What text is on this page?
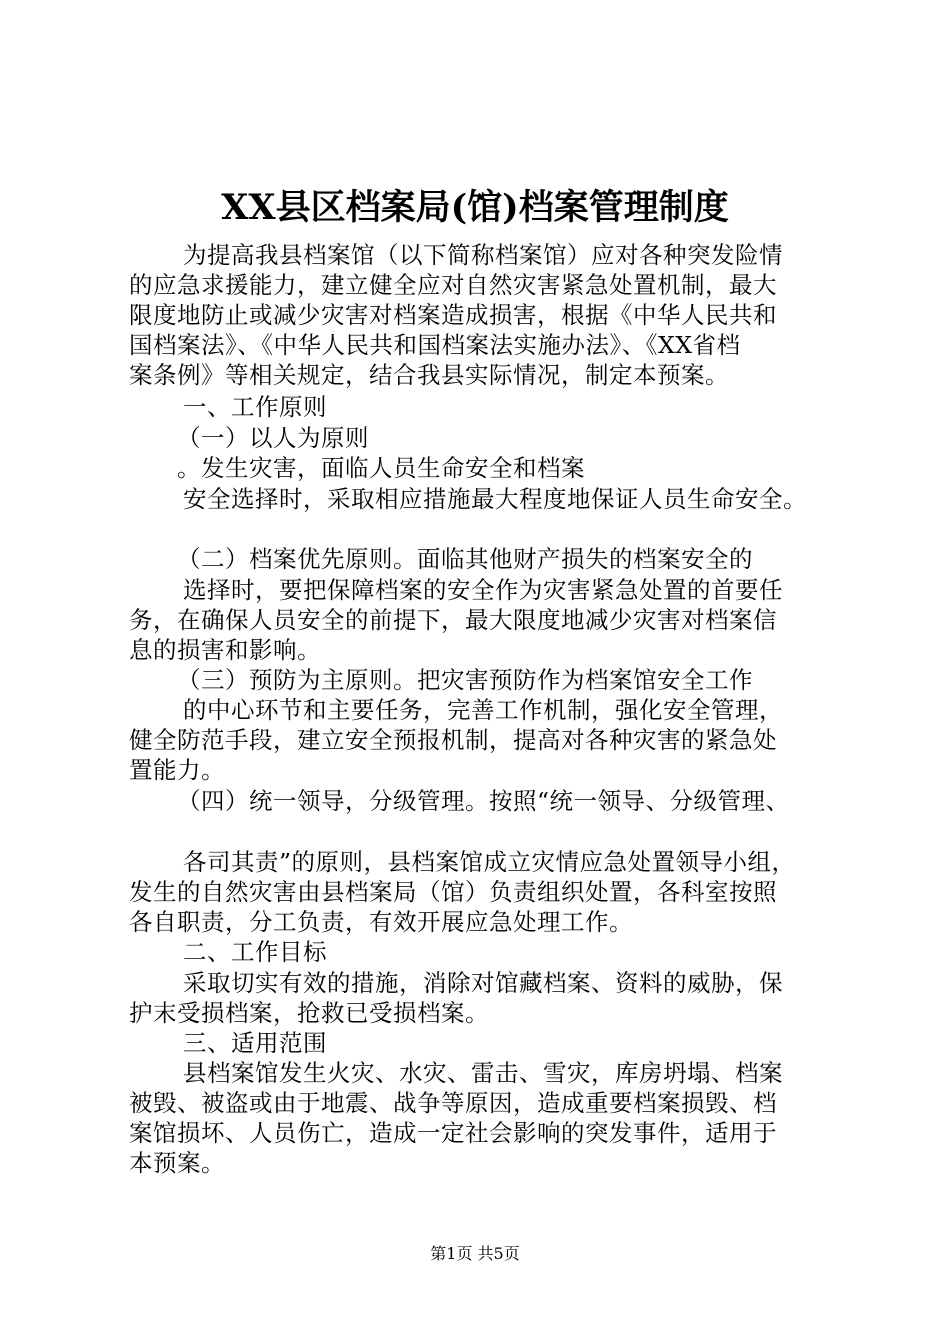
XX县区档案局(馆)档案管理制度
为提高我县档案馆（以下简称档案馆）应对各种突发险情
的应急求援能力，建立健全应对自然灾害紧急处置机制，最大
限度地防止或减少灾害对档案造成损害，根据《中华人民共和
国档案法》、《中华人民共和国档案法实施办法》、《XX省档
案条例》等相关规定，结合我县实际情况，制定本预案。
一、工作原则
（一）以人为原则
。发生灾害，面临人员生命安全和档案
安全选择时，采取相应措施最大程度地保证人员生命安全。
（二）档案优先原则。面临其他财产损失的档案安全的
选择时，要把保障档案的安全作为灾害紧急处置的首要任
务，在确保人员安全的前提下，最大限度地减少灾害对档案信
息的损害和影响。
（三）预防为主原则。把灾害预防作为档案馆安全工作
的中心环节和主要任务，完善工作机制，强化安全管理，
健全防范手段，建立安全预报机制，提高对各种灾害的紧急处
置能力。
（四）统一领导，分级管理。按照“统一领导、分级管理、
各司其责”的原则，县档案馆成立灾情应急处置领导小组，
发生的自然灾害由县档案局（馆）负责组织处置，各科室按照
各自职责，分工负责，有效开展应急处理工作。
二、工作目标
采取切实有效的措施，消除对馆藏档案、资料的威胁，保
护末受损档案，抢救已受损档案。
三、适用范围
县档案馆发生火灾、水灾、雷击、雪灾，库房坍塌、档案
被毁、被盗或由于地震、战争等原因，造成重要档案损毁、档
案馆损坏、人员伤亡，造成一定社会影响的突发事件，适用于
本预案。
第1页 共5页
